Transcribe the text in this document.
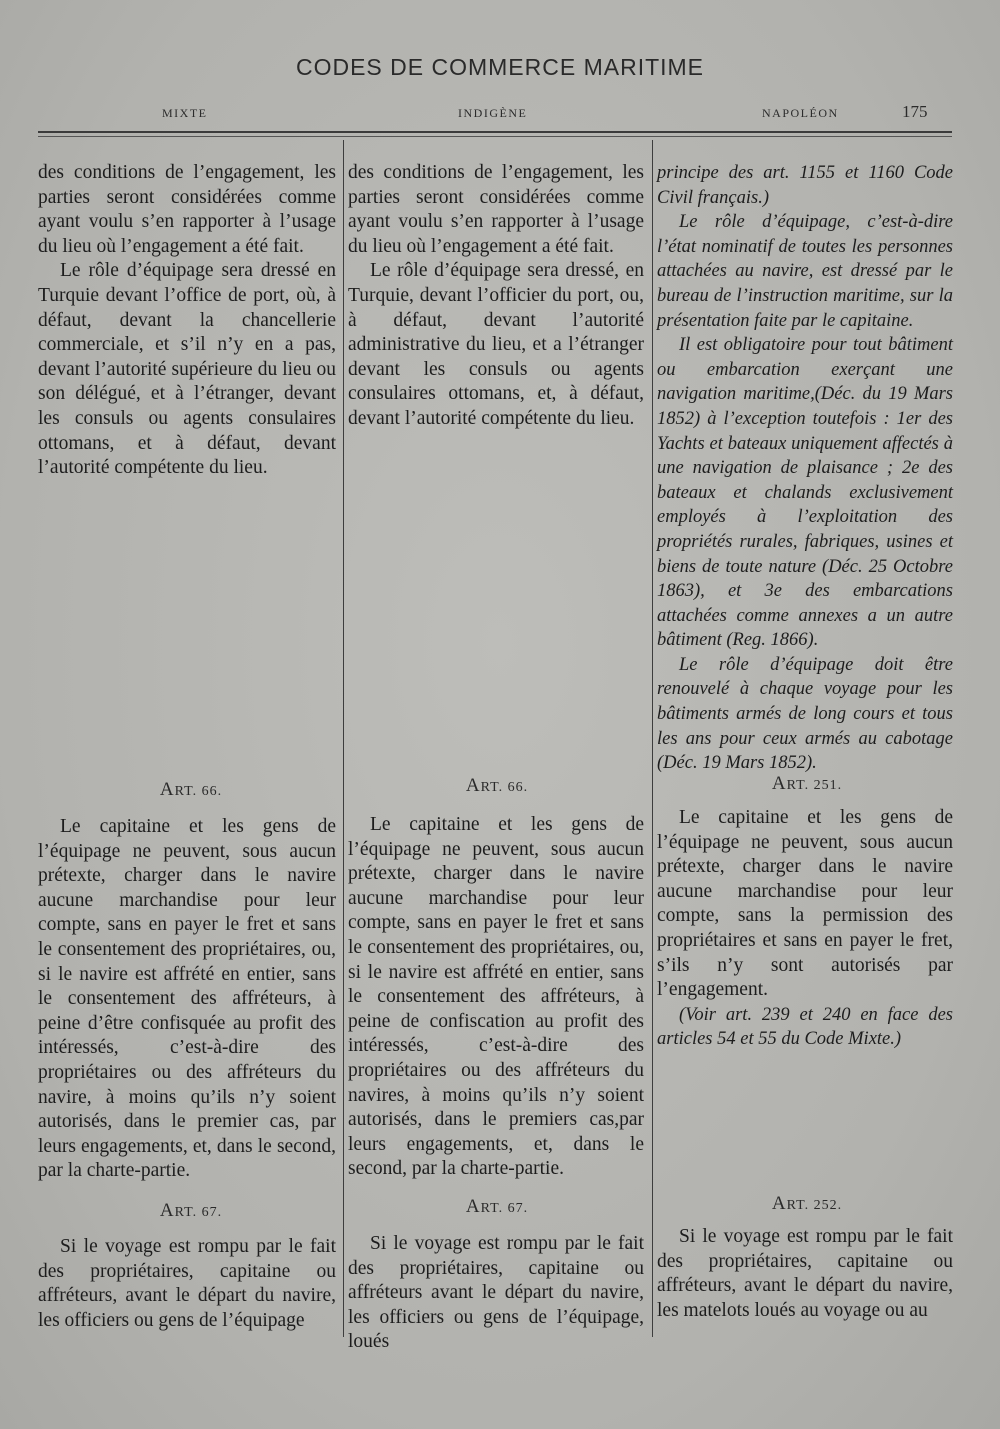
CODES DE COMMERCE MARITIME
MIXTE	INDIGÈNE	NAPOLÉON	175

des conditions de l’engagement, les parties seront considérées comme ayant voulu s’en rapporter à l’usage du lieu où l’engagement a été fait.

Le rôle d’équipage sera dressé en Turquie devant l’office de port, où, à défaut, devant la chancellerie commerciale, et s’il n’y en a pas, devant l’autorité supérieure du lieu ou son délégué, et à l’étranger, devant les consuls ou agents consulaires ottomans, et à défaut, devant l’autorité compétente du lieu.

ART. 66.

Le capitaine et les gens de l’équipage ne peuvent, sous aucun prétexte, charger dans le navire aucune marchandise pour leur compte, sans en payer le fret et sans le consentement des propriétaires, ou, si le navire est affrété en entier, sans le consentement des affréteurs, à peine d’être confisquée au profit des intéressés, c’est-à-dire des propriétaires ou des affréteurs du navire, à moins qu’ils n’y soient autorisés, dans le premier cas, par leurs engagements, et, dans le second, par la charte-partie.

ART. 67.

Si le voyage est rompu par le fait des propriétaires, capitaine ou affréteurs, avant le départ du navire, les officiers ou gens de l’équipage

des conditions de l’engagement, les parties seront considérées comme ayant voulu s’en rapporter à l’usage du lieu où l’engagement a été fait.

Le rôle d’équipage sera dressé, en Turquie, devant l’officier du port, ou, à défaut, devant l’autorité administrative du lieu, et a l’étranger devant les consuls ou agents consulaires ottomans, et, à défaut, devant l’autorité compétente du lieu.

ART. 66.

Le capitaine et les gens de l’équipage ne peuvent, sous aucun prétexte, charger dans le navire aucune marchandise pour leur compte, sans en payer le fret et sans le consentement des propriétaires, ou, si le navire est affrété en entier, sans le consentement des affréteurs, à peine de confiscation au profit des intéressés, c’est-à-dire des propriétaires ou des affréteurs du navires, à moins qu’ils n’y soient autorisés, dans le premiers cas,par leurs engagements, et, dans le second, par la charte-partie.

ART. 67.

Si le voyage est rompu par le fait des propriétaires, capitaine ou affréteurs avant le départ du navire, les officiers ou gens de l’équipage, loués

principe des art. 1155 et 1160 Code Civil français.)

Le rôle d’équipage, c’est-à-dire l’état nominatif de toutes les personnes attachées au navire, est dressé par le bureau de l’instruction maritime, sur la présentation faite par le capitaine.

Il est obligatoire pour tout bâtiment ou embarcation exerçant une navigation maritime,(Déc. du 19 Mars 1852) à l’exception toutefois : 1er des Yachts et bateaux uniquement affectés à une navigation de plaisance ; 2e des bateaux et chalands exclusivement employés à l’exploitation des propriétés rurales, fabriques, usines et biens de toute nature (Déc. 25 Octobre 1863), et 3e des embarcations attachées comme annexes a un autre bâtiment (Reg. 1866).

Le rôle d’équipage doit être renouvelé à chaque voyage pour les bâtiments armés de long cours et tous les ans pour ceux armés au cabotage (Déc. 19 Mars 1852).

ART. 251.

Le capitaine et les gens de l’équipage ne peuvent, sous aucun prétexte, charger dans le navire aucune marchandise pour leur compte, sans la permission des propriétaires et sans en payer le fret, s’ils n’y sont autorisés par l’engagement.

(Voir art. 239 et 240 en face des articles 54 et 55 du Code Mixte.)

ART. 252.

Si le voyage est rompu par le fait des propriétaires, capitaine ou affréteurs, avant le départ du navire, les matelots loués au voyage ou au
